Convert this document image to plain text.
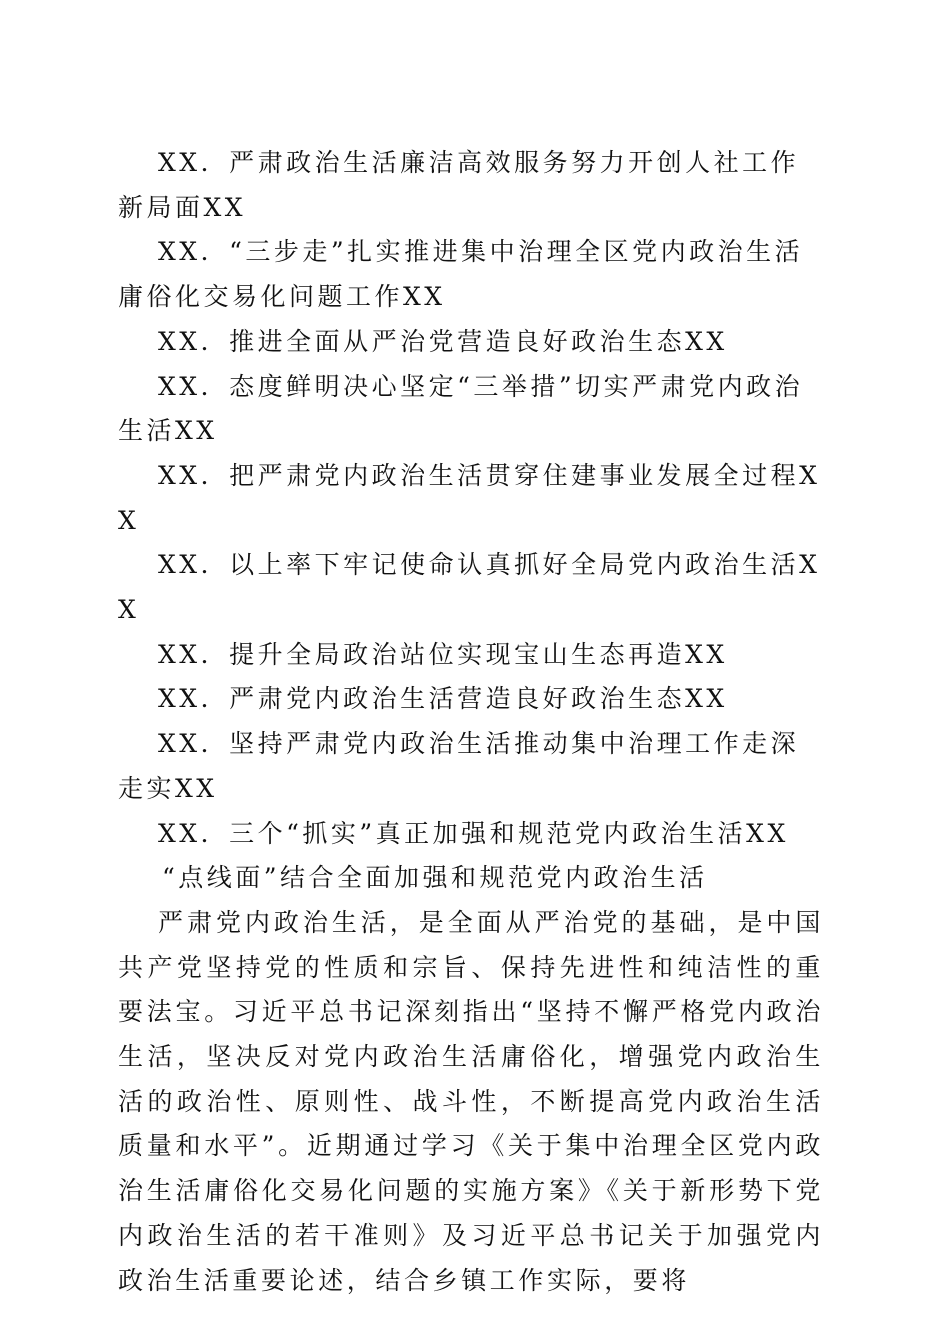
XX．严肃政治生活廉洁高效服务努力开创人社工作新局面XX

XX．“三步走”扎实推进集中治理全区党内政治生活庸俗化交易化问题工作XX

XX．推进全面从严治党营造良好政治生态XX

XX．态度鲜明决心坚定“三举措”切实严肃党内政治生活XX

XX．把严肃党内政治生活贯穿住建事业发展全过程XX

XX．以上率下牢记使命认真抓好全局党内政治生活XX

XX．提升全局政治站位实现宝山生态再造XX

XX．严肃党内政治生活营造良好政治生态XX

XX．坚持严肃党内政治生活推动集中治理工作走深走实XX

XX．三个“抓实”真正加强和规范党内政治生活XX

“点线面”结合全面加强和规范党内政治生活

严肃党内政治生活，是全面从严治党的基础，是中国共产党坚持党的性质和宗旨、保持先进性和纯洁性的重要法宝。习近平总书记深刻指出“坚持不懈严格党内政治生活，坚决反对党内政治生活庸俗化，增强党内政治生活的政治性、原则性、战斗性，不断提高党内政治生活质量和水平”。近期通过学习《关于集中治理全区党内政治生活庸俗化交易化问题的实施方案》《关于新形势下党内政治生活的若干准则》及习近平总书记关于加强党内政治生活重要论述，结合乡镇工作实际，要将
